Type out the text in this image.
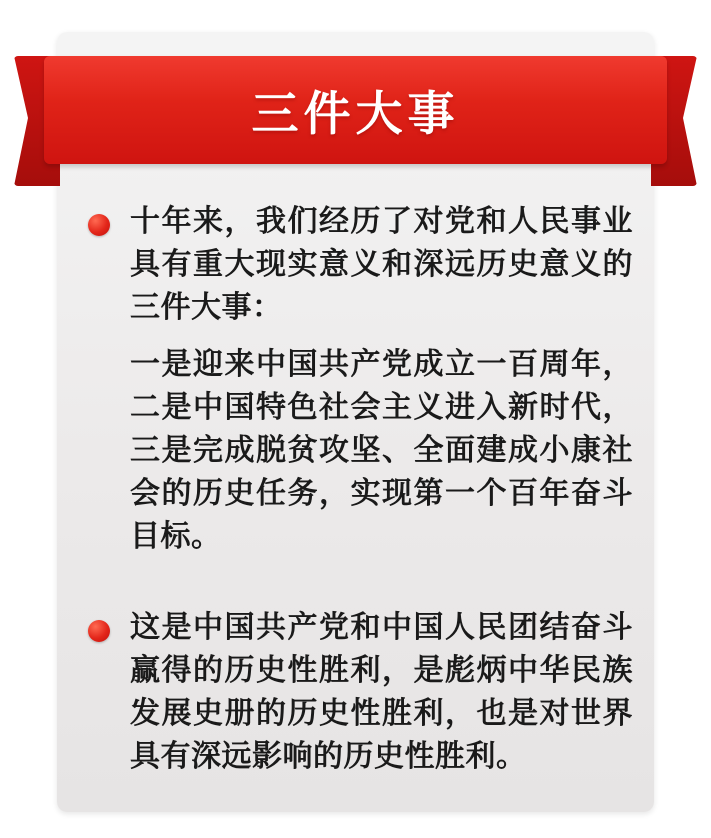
三件大事

十年来，我们经历了对党和人民事业具有重大现实意义和深远历史意义的三件大事：

一是迎来中国共产党成立一百周年，二是中国特色社会主义进入新时代，三是完成脱贫攻坚、全面建成小康社会的历史任务，实现第一个百年奋斗目标。

这是中国共产党和中国人民团结奋斗赢得的历史性胜利，是彪炳中华民族发展史册的历史性胜利，也是对世界具有深远影响的历史性胜利。
